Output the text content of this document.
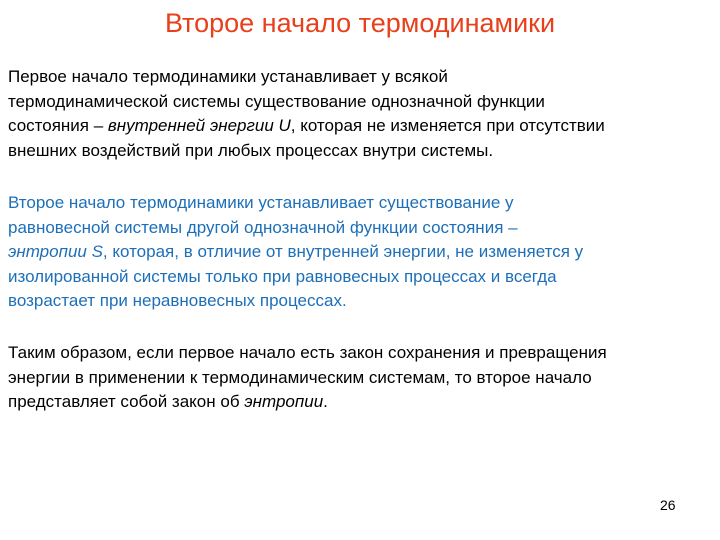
Второе начало термодинамики

Первое начало термодинамики устанавливает у всякой
термодинамической системы существование однозначной функции
состояния – внутренней энергии U, которая не изменяется при отсутствии
внешних воздействий при любых процессах внутри системы.

Второе начало термодинамики устанавливает существование у
равновесной системы другой однозначной функции состояния –
энтропии S, которая, в отличие от внутренней энергии, не изменяется у
изолированной системы только при равновесных процессах и всегда
возрастает при неравновесных процессах.

Таким образом, если первое начало есть закон сохранения и превращения
энергии в применении к термодинамическим системам, то второе начало
представляет собой закон об энтропии.

26
